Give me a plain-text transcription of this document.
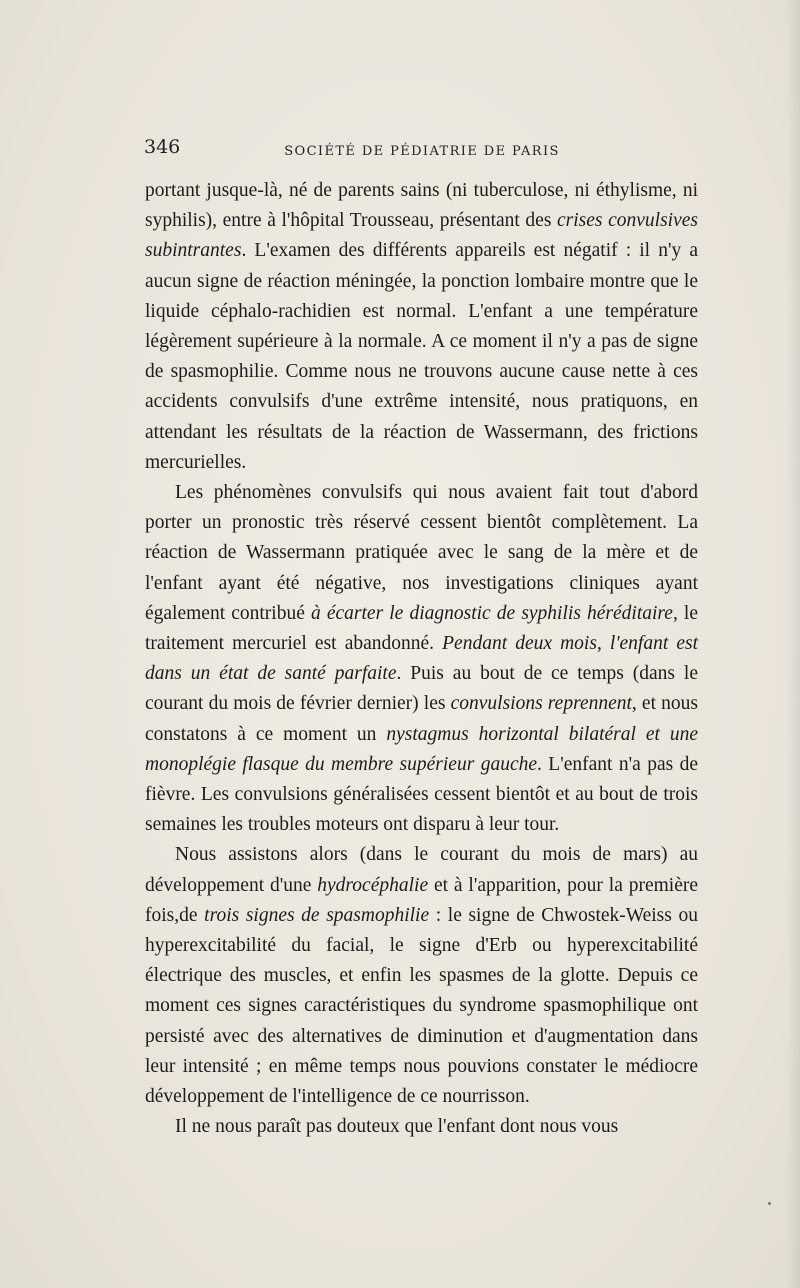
346	SOCIÉTÉ DE PÉDIATRIE DE PARIS

portant jusque-là, né de parents sains (ni tuberculose, ni éthylisme, ni syphilis), entre à l'hôpital Trousseau, présentant des crises convulsives subintrantes. L'examen des différents appareils est négatif : il n'y a aucun signe de réaction méningée, la ponction lombaire montre que le liquide céphalo-rachidien est normal. L'enfant a une température légèrement supérieure à la normale. A ce moment il n'y a pas de signe de spasmophilie. Comme nous ne trouvons aucune cause nette à ces accidents convulsifs d'une extrême intensité, nous pratiquons, en attendant les résultats de la réaction de Wassermann, des frictions mercurielles.

Les phénomènes convulsifs qui nous avaient fait tout d'abord porter un pronostic très réservé cessent bientôt complètement. La réaction de Wassermann pratiquée avec le sang de la mère et de l'enfant ayant été négative, nos investigations cliniques ayant également contribué à écarter le diagnostic de syphilis héréditaire, le traitement mercuriel est abandonné. Pendant deux mois, l'enfant est dans un état de santé parfaite. Puis au bout de ce temps (dans le courant du mois de février dernier) les convulsions reprennent, et nous constatons à ce moment un nystagmus horizontal bilatéral et une monoplégie flasque du membre supérieur gauche. L'enfant n'a pas de fièvre. Les convulsions généralisées cessent bientôt et au bout de trois semaines les troubles moteurs ont disparu à leur tour.

Nous assistons alors (dans le courant du mois de mars) au développement d'une hydrocéphalie et à l'apparition, pour la première fois,de trois signes de spasmophilie : le signe de Chwostek-Weiss ou hyperexcitabilité du facial, le signe d'Erb ou hyperexcitabilité électrique des muscles, et enfin les spasmes de la glotte. Depuis ce moment ces signes caractéristiques du syndrome spasmophilique ont persisté avec des alternatives de diminution et d'augmentation dans leur intensité ; en même temps nous pouvions constater le médiocre développement de l'intelligence de ce nourrisson.

Il ne nous paraît pas douteux que l'enfant dont nous vous
